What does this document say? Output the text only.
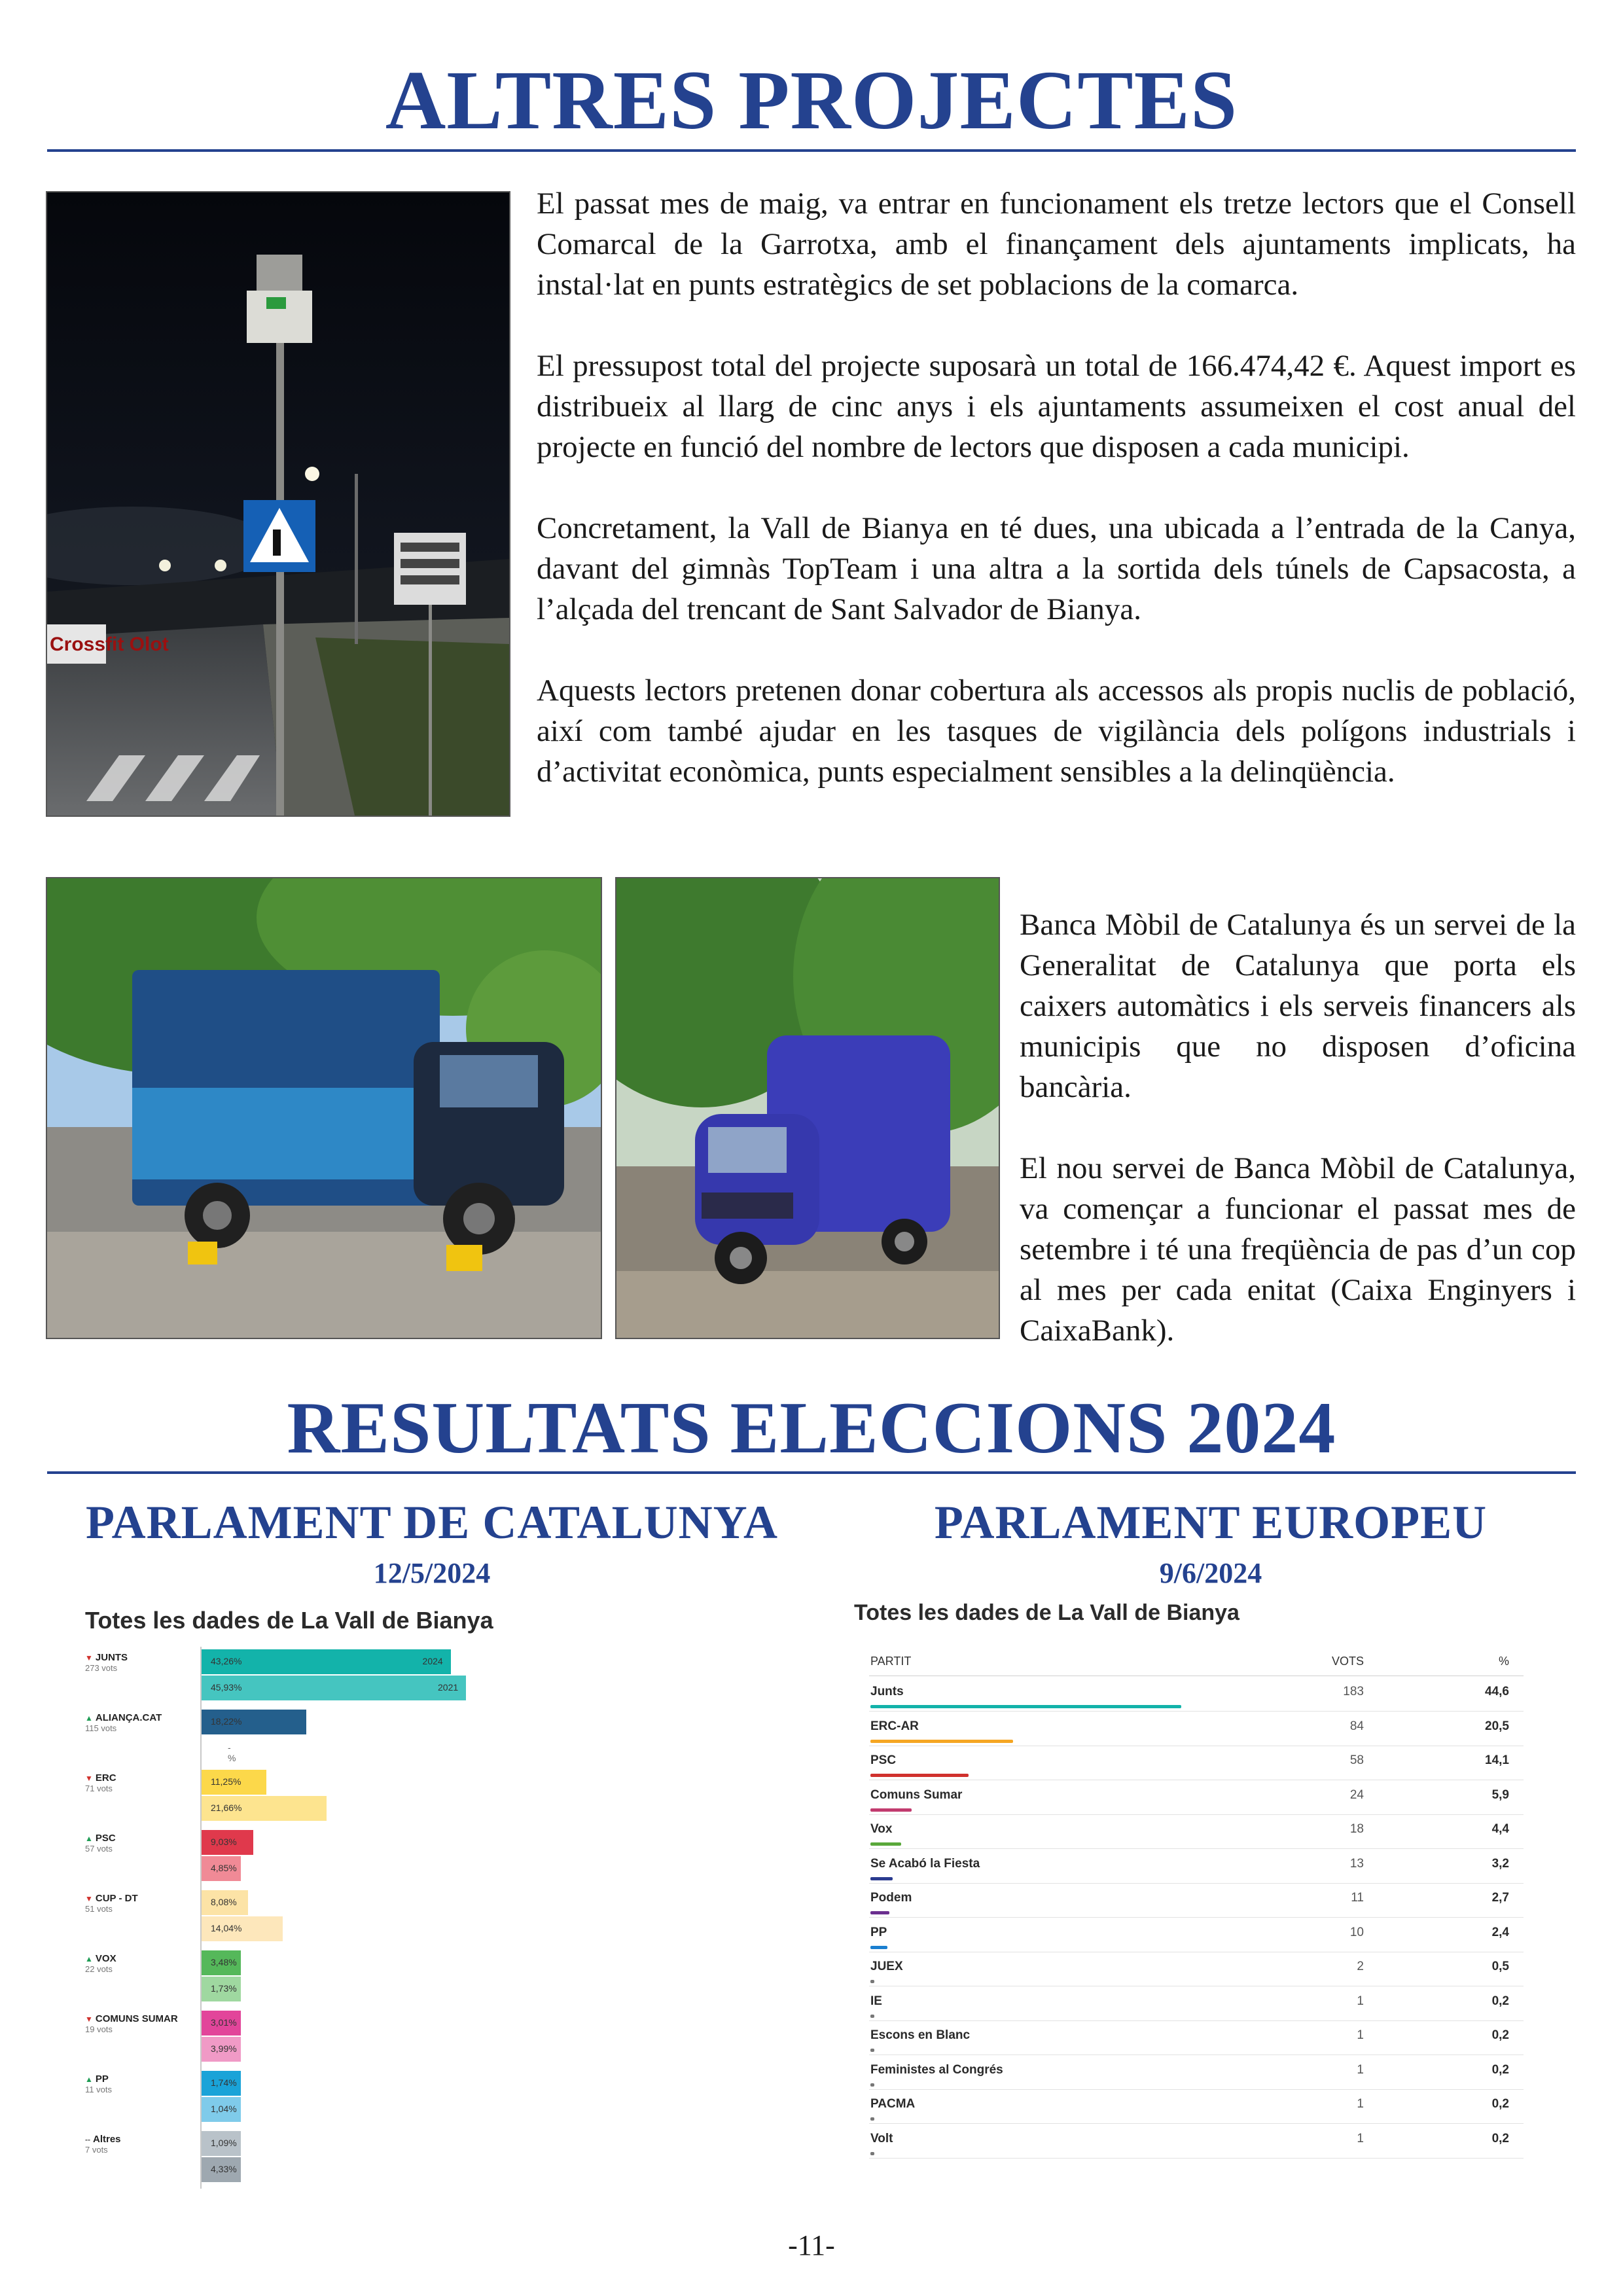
ALTRES PROJECTES
Crossfit Olot

El passat mes de maig, va entrar en funcionament els tretze lectors que el Consell Comarcal de la Garrotxa, amb el finançament dels ajuntaments implicats, ha instal·lat en punts estratègics de set poblacions de la comarca.

El pressupost total del projecte suposarà un total de 166.474,42 €. Aquest import es distribueix al llarg de cinc anys i els ajuntaments assumeixen el cost anual del projecte en funció del nombre de lectors que disposen a cada municipi.

Concretament, la Vall de Bianya en té dues, una ubicada a l’entrada de la Canya, davant del gimnàs TopTeam i una altra a la sortida dels túnels de Capsacosta, a l’alçada del trencant de Sant Salvador de Bianya.

Aquests lectors pretenen donar cobertura als accessos als propis nuclis de població, així com també ajudar en les tasques de vigilància dels polígons industrials i d’activitat econòmica, punts especialment sensibles a la delinqüència.

Banca Mòbil de Catalunya és un servei de la Generalitat de Catalunya que porta els caixers automàtics i els serveis financers als municipis que no disposen d’oficina bancària.

El nou servei de Banca Mòbil de Catalunya, va començar a funcionar el passat mes de setembre i té una freqüència de pas d’un cop al mes per cada enitat (Caixa Enginyers i CaixaBank).

RESULTATS ELECCIONS 2024
PARLAMENT DE CATALUNYA
12/5/2024
PARLAMENT EUROPEU
9/6/2024
Totes les dades de La Vall de Bianya
▼ JUNTS
273 vots
43,26%	2024
45,93%	2021
▲ ALIANÇA.CAT
115 vots
18,22%
-%
▼ ERC
71 vots
11,25%
21,66%
▲ PSC
57 vots
9,03%
4,85%
▼ CUP - DT
51 vots
8,08%
14,04%
▲ VOX
22 vots
3,48%
1,73%
▼ COMUNS SUMAR
19 vots
3,01%
3,99%
▲ PP
11 vots
1,74%
1,04%
-- Altres
7 vots
1,09%
4,33%
Totes les dades de La Vall de Bianya
PARTIT	VOTS	%
Junts	183	44,6
ERC-AR	84	20,5
PSC	58	14,1
Comuns Sumar	24	5,9
Vox	18	4,4
Se Acabó la Fiesta	13	3,2
Podem	11	2,7
PP	10	2,4
JUEX	2	0,5
IE	1	0,2
Escons en Blanc	1	0,2
Feministes al Congrés	1	0,2
PACMA	1	0,2
Volt	1	0,2
-11-
